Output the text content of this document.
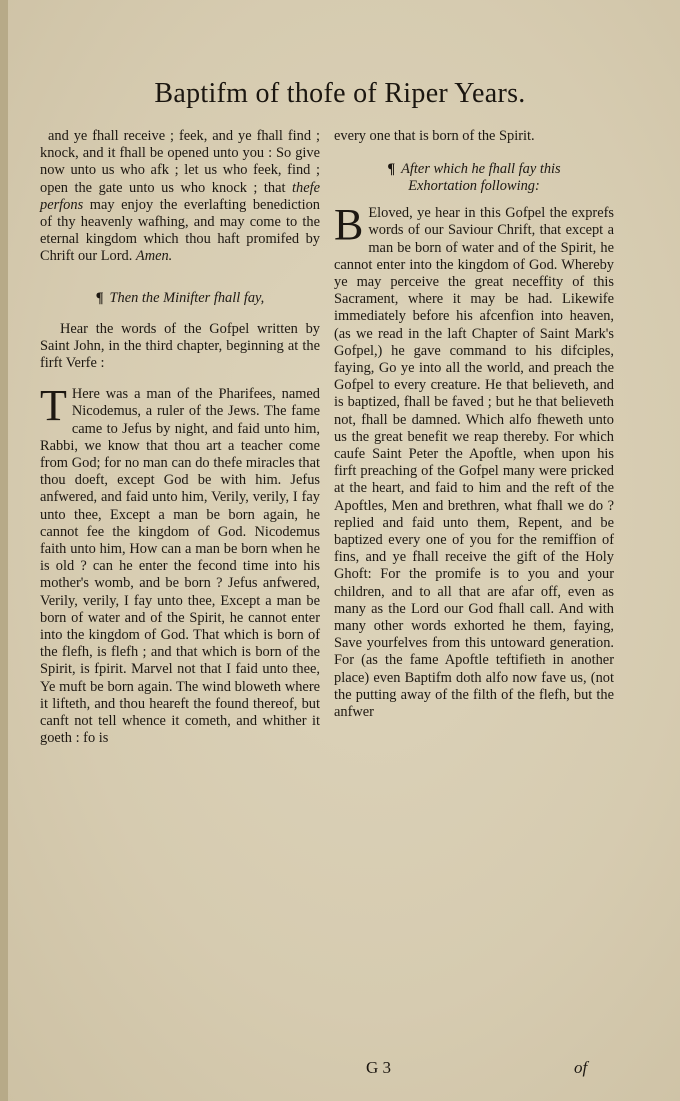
Baptifm of thofe of Riper Years.

and ye fhall receive ; feek, and ye fhall find ; knock, and it fhall be opened unto you : So give now unto us who afk ; let us who feek, find ; open the gate unto us who knock ; that thefe perfons may enjoy the everlafting benediction of thy heavenly wafhing, and may come to the eternal kingdom which thou haft promifed by Chrift our Lord. Amen.

¶ Then the Minifter fhall fay,

Hear the words of the Gofpel written by Saint John, in the third chapter, beginning at the firft Verfe :

T Here was a man of the Pharifees, named Nicodemus, a ruler of the Jews. The fame came to Jefus by night, and faid unto him, Rabbi, we know that thou art a teacher come from God; for no man can do thefe miracles that thou doeft, except God be with him. Jefus anfwered, and faid unto him, Verily, verily, I fay unto thee, Except a man be born again, he cannot fee the kingdom of God. Nicodemus faith unto him, How can a man be born when he is old ? can he enter the fecond time into his mother's womb, and be born ? Jefus anfwered, Verily, verily, I fay unto thee, Except a man be born of water and of the Spirit, he cannot enter into the kingdom of God. That which is born of the flefh, is flefh ; and that which is born of the Spirit, is fpirit. Marvel not that I faid unto thee, Ye muft be born again. The wind bloweth where it lifteth, and thou heareft the found thereof, but canft not tell whence it cometh, and whither it goeth : fo is

every one that is born of the Spirit.

¶ After which he fhall fay this
Exhortation following:

B Eloved, ye hear in this Gofpel the exprefs words of our Saviour Chrift, that except a man be born of water and of the Spirit, he cannot enter into the kingdom of God. Whereby ye may perceive the great neceffity of this Sacrament, where it may be had. Likewife immediately before his afcenfion into heaven, (as we read in the laft Chapter of Saint Mark's Gofpel,) he gave command to his difciples, faying, Go ye into all the world, and preach the Gofpel to every creature. He that believeth, and is baptized, fhall be faved ; but he that believeth not, fhall be damned. Which alfo fheweth unto us the great benefit we reap thereby. For which caufe Saint Peter the Apoftle, when upon his firft preaching of the Gofpel many were pricked at the heart, and faid to him and the reft of the Apoftles, Men and brethren, what fhall we do ? replied and faid unto them, Repent, and be baptized every one of you for the remiffion of fins, and ye fhall receive the gift of the Holy Ghoft: For the promife is to you and your children, and to all that are afar off, even as many as the Lord our God fhall call. And with many other words exhorted he them, faying, Save yourfelves from this untoward generation. For (as the fame Apoftle teftifieth in another place) even Baptifm doth alfo now fave us, (not the putting away of the filth of the flefh, but the anfwer

G 3	of
